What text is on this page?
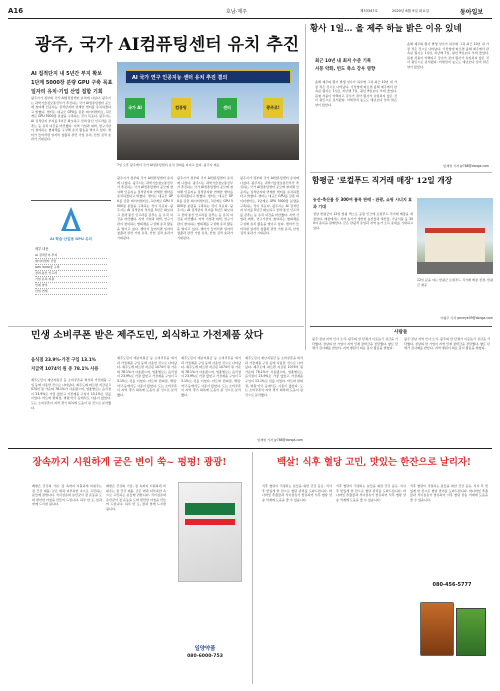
A16	호남·제주	제33347호	2020년 6월 9일 화요일	동아일보
광주, 국가 AI컴퓨팅센터 유치 추진
AI 집적단지 내 5년간 부지 확보
1단계 5000장 분량 GPU 구축 목표
일자리 유치·기업 산업 집합 기회
AI 국가 연구 인공지능 센터 유치 추진 결의
국가 AI	컴퓨팅	센터	광주로!
7일 오후 광주에서 국가 AI컴퓨팅센터 유치 결의를 다지고 있다. 광주시 제공
광주시가 정부의 국가 AI컴퓨팅센터 유치에 나섰다. 광주시는 과학기술정보통신부가 추진하는 국가 AI컴퓨팅센터 공모에 참여해 인공지능 집적단지와 연계한 센터를 유치하겠다고 밝혔다. 센터는 대규모 GPU를 갖춘 데이터센터로, 1단계로 GPU 5000장 분량을 구축하는 것이 목표다. 광주시는 AI 집적단지 부지를 5년간 확보하고 전력·통신 인프라를 갖추는 등 유치 여건을 마련했다. 지역 기업과 대학, 연구기관이 참여하는 협의체를 구성해 유치 활동을 벌이고 있다. 센터가 들어서면 일자리 창출과 관련 기업 유치, 산업 집적 효과가 기대된다.
광주시가 정부의 국가 AI컴퓨팅센터 유치에 나섰다. 광주시는 과학기술정보통신부가 추진하는 국가 AI컴퓨팅센터 공모에 참여해 인공지능 집적단지와 연계한 센터를 유치하겠다고 밝혔다. 센터는 대규모 GPU를 갖춘 데이터센터로, 1단계로 GPU 5000장 분량을 구축하는 것이 목표다. 광주시는 AI 집적단지 부지를 5년간 확보하고 전력·통신 인프라를 갖추는 등 유치 여건을 마련했다. 지역 기업과 대학, 연구기관이 참여하는 협의체를 구성해 유치 활동을 벌이고 있다. 센터가 들어서면 일자리 창출과 관련 기업 유치, 산업 집적 효과가 기대된다.
광주시가 정부의 국가 AI컴퓨팅센터 유치에 나섰다. 광주시는 과학기술정보통신부가 추진하는 국가 AI컴퓨팅센터 공모에 참여해 인공지능 집적단지와 연계한 센터를 유치하겠다고 밝혔다. 센터는 대규모 GPU를 갖춘 데이터센터로, 1단계로 GPU 5000장 분량을 구축하는 것이 목표다. 광주시는 AI 집적단지 부지를 5년간 확보하고 전력·통신 인프라를 갖추는 등 유치 여건을 마련했다. 지역 기업과 대학, 연구기관이 참여하는 협의체를 구성해 유치 활동을 벌이고 있다. 센터가 들어서면 일자리 창출과 관련 기업 유치, 산업 집적 효과가 기대된다.
광주시가 정부의 국가 AI컴퓨팅센터 유치에 나섰다. 광주시는 과학기술정보통신부가 추진하는 국가 AI컴퓨팅센터 공모에 참여해 인공지능 집적단지와 연계한 센터를 유치하겠다고 밝혔다. 센터는 대규모 GPU를 갖춘 데이터센터로, 1단계로 GPU 5000장 분량을 구축하는 것이 목표다. 광주시는 AI 집적단지 부지를 5년간 확보하고 전력·통신 인프라를 갖추는 등 유치 여건을 마련했다. 지역 기업과 대학, 연구기관이 참여하는 협의체를 구성해 유치 활동을 벌이고 있다. 센터가 들어서면 일자리 창출과 관련 기업 유치, 산업 집적 효과가 기대된다.
AI 학습·산업용 GPU 유치
세부 내용
AI 집적단지 부지
데이터센터 건립
GPU 5000장 구축
전력·통신 인프라
기업 유치·지원
인재 양성
산업 연계
황사 1일… 올 제주 하늘 밝은 이유 있네
최근 10년 내 최저 수준 기록
서풍 약화, 빈도 축소 강우 영향
올해 제주의 황사 발생 일수가 하루에 그쳐 최근 10년 내 가장 적은 것으로 나타났다. 기상청에 따르면 올해 제주에서 관측된 황사는 1일로 지난해 7일, 평년 9일보다 크게 줄었다. 봄철 서풍이 약해지고 강수가 잦아 황사가 유입되지 않은 것이 원인으로 분석됐다. 미세먼지 농도도 예년보다 낮아 맑은 날이 많았다.
올해 제주의 황사 발생 일수가 하루에 그쳐 최근 10년 내 가장 적은 것으로 나타났다. 기상청에 따르면 올해 제주에서 관측된 황사는 1일로 지난해 7일, 평년 9일보다 크게 줄었다. 봄철 서풍이 약해지고 강수가 잦아 황사가 유입되지 않은 것이 원인으로 분석됐다. 미세먼지 농도도 예년보다 낮아 맑은 날이 많았다.
임재영 기자 jy788@donga.com
함평군 '로컬푸드 직거래 매장' 12일 개장
농산·축산물 등 300여 품목 판매 - 관광, 쇼핑 시너지 효과 기대
전남 함평군이 12일 함평 엑스포 공원 인근에 로컬푸드 직거래 매장을 개장한다. 매장에서는 지역 농가가 생산한 농산물과 축산물, 가공식품 등 300여 품목을 판매한다. 군은 관광객 유입과 지역 농가 소득 증대를 기대하고 있다.
12일 문을 여는 함평군 로컬푸드 직거래 매장 전경. 함평군 제공
이형주 기자 peneye09@donga.com
사람들
광주·전남 지역 인사 소식. 광주의 한 단체가 이웃돕기 성금을 기탁했다. 전남의 한 기업이 지역 인재 장학금을 전달했다. 향토 단체가 감사패를 받았다. 지역 병원이 의료 봉사 활동을 펼쳤다.
광주·전남 지역 인사 소식. 광주의 한 단체가 이웃돕기 성금을 기탁했다. 전남의 한 기업이 지역 인재 장학금을 전달했다. 향토 단체가 감사패를 받았다. 지역 병원이 의료 봉사 활동을 펼쳤다.
민생 소비쿠폰 받은 제주도민, 외식하고 가전제품 샀다
음식점 23.9%·가전 구입 13.1%
지급액 1074억 원 중 78.1% 사용
제주도민이 재난지원금 등 소비쿠폰을 외식과 가전제품 구입 등에 사용한 것으로 나타났다. 제주도에 따르면 지급된 1074억 원 가운데 78.1%가 사용됐으며, 업종별로는 음식점이 23.9%로 가장 많았고 가전제품 구입이 13.1%로 뒤를 이었다. 마트와 편의점, 병원·약국 등에서도 사용이 많았다. 도는 소비쿠폰이 지역 경기 회복에 도움이 된 것으로 분석했다.
제주도민이 재난지원금 등 소비쿠폰을 외식과 가전제품 구입 등에 사용한 것으로 나타났다. 제주도에 따르면 지급된 1074억 원 가운데 78.1%가 사용됐으며, 업종별로는 음식점이 23.9%로 가장 많았고 가전제품 구입이 13.1%로 뒤를 이었다. 마트와 편의점, 병원·약국 등에서도 사용이 많았다. 도는 소비쿠폰이 지역 경기 회복에 도움이 된 것으로 분석했다.
제주도민이 재난지원금 등 소비쿠폰을 외식과 가전제품 구입 등에 사용한 것으로 나타났다. 제주도에 따르면 지급된 1074억 원 가운데 78.1%가 사용됐으며, 업종별로는 음식점이 23.9%로 가장 많았고 가전제품 구입이 13.1%로 뒤를 이었다. 마트와 편의점, 병원·약국 등에서도 사용이 많았다. 도는 소비쿠폰이 지역 경기 회복에 도움이 된 것으로 분석했다.
제주도민이 재난지원금 등 소비쿠폰을 외식과 가전제품 구입 등에 사용한 것으로 나타났다. 제주도에 따르면 지급된 1074억 원 가운데 78.1%가 사용됐으며, 업종별로는 음식점이 23.9%로 가장 많았고 가전제품 구입이 13.1%로 뒤를 이었다. 마트와 편의점, 병원·약국 등에서도 사용이 많았다. 도는 소비쿠폰이 지역 경기 회복에 도움이 된 것으로 분석했다.
임재영 기자 jy788@donga.com
장속까지 시원하게 굳은 변이 쑥~ 펑펑! 광광!
쾌변은 건강의 기본. 장 속까지 시원하게 비워주는 장 건강 제품. 굳은 변과 더부룩한 속으로 고민하는 분들께 권합니다. 식이섬유와 유산균이 장 운동을 도와 편안한 아침을 만들어 드립니다. 하루 한 포, 물과 함께 드시면 됩니다.
쾌변은 건강의 기본. 장 속까지 시원하게 비워주는 장 건강 제품. 굳은 변과 더부룩한 속으로 고민하는 분들께 권합니다. 식이섬유와 유산균이 장 운동을 도와 편안한 아침을 만들어 드립니다. 하루 한 포, 물과 함께 드시면 됩니다.
일양약품
080-6000-753
백살! 식후 혈당 고민, 맛있는 한잔으로 날리자!
식후 혈당이 걱정되는 분들을 위한 건강 음료. 식사 후 맛있게 한 잔으로 혈당 관리를 도와드립니다. 바나바잎 추출물과 식이섬유가 함유되어 식후 혈당 상승 억제에 도움을 줄 수 있습니다.
식후 혈당이 걱정되는 분들을 위한 건강 음료. 식사 후 맛있게 한 잔으로 혈당 관리를 도와드립니다. 바나바잎 추출물과 식이섬유가 함유되어 식후 혈당 상승 억제에 도움을 줄 수 있습니다.
식후 혈당이 걱정되는 분들을 위한 건강 음료. 식사 후 맛있게 한 잔으로 혈당 관리를 도와드립니다. 바나바잎 추출물과 식이섬유가 함유되어 식후 혈당 상승 억제에 도움을 줄 수 있습니다.
080-456-5777
